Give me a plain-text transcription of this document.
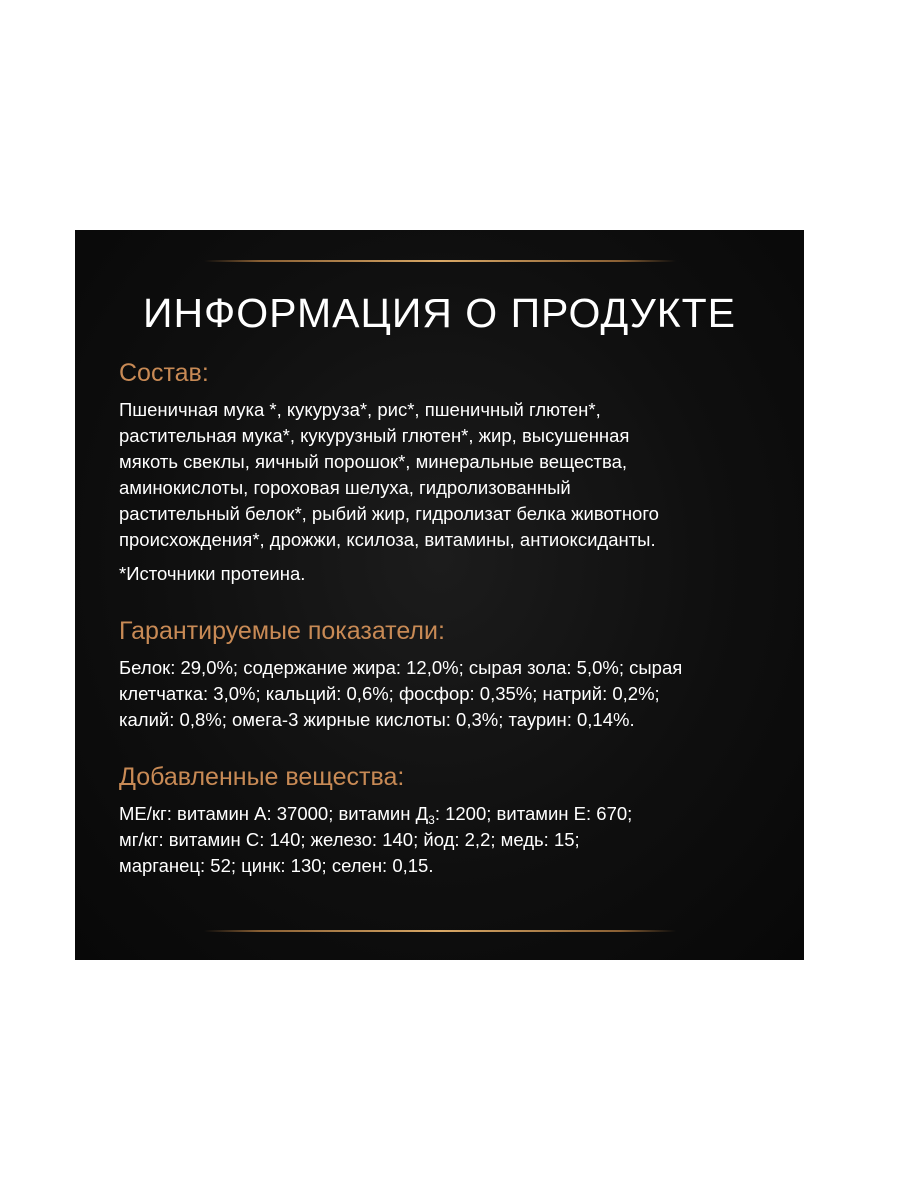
ИНФОРМАЦИЯ О ПРОДУКТЕ
Состав:

Пшеничная мука *, кукуруза*, рис*, пшеничный глютен*,

растительная мука*, кукурузный глютен*, жир, высушенная

мякоть свеклы, яичный порошок*, минеральные вещества,

аминокислоты, гороховая шелуха, гидролизованный

растительный белок*, рыбий жир, гидролизат белка животного

происхождения*, дрожжи, ксилоза, витамины, антиоксиданты.

*Источники протеина.

Гарантируемые показатели:

Белок: 29,0%; содержание жира: 12,0%; сырая зола: 5,0%; сырая

клетчатка: 3,0%; кальций: 0,6%; фосфор: 0,35%; натрий: 0,2%;

калий: 0,8%; омега-3 жирные кислоты: 0,3%; таурин: 0,14%.

Добавленные вещества:

МЕ/кг: витамин А: 37000; витамин $Д_3$: 1200; витамин Е: 670;

мг/кг: витамин С: 140; железо: 140; йод: 2,2; медь: 15;

марганец: 52; цинк: 130; селен: 0,15.
